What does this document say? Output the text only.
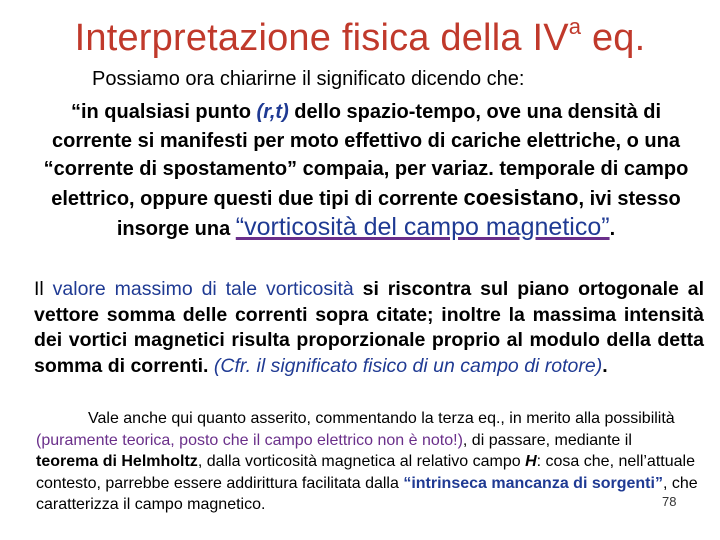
Interpretazione fisica della $IV^a$ eq.
Possiamo ora chiarirne il significato dicendo che:
“in qualsiasi punto (r,t) dello spazio-tempo, ove una densità di corrente si manifesti per moto effettivo di cariche elettriche, o una “corrente di spostamento” compaia, per variaz. temporale di campo elettrico, oppure questi due tipi di corrente coesistano, ivi stesso insorge una “vorticosità del campo magnetico”.
Il valore massimo di tale vorticosità si riscontra sul piano ortogonale al vettore somma delle correnti sopra citate; inoltre la massima intensità dei vortici magnetici risulta proporzionale proprio al modulo della detta somma di correnti. (Cfr. il significato fisico di un campo di rotore).
Vale anche qui quanto asserito, commentando la terza eq., in merito alla possibilità (puramente teorica, posto che il campo elettrico non è noto!), di passare, mediante il teorema di Helmholtz, dalla vorticosità magnetica al relativo campo H: cosa che, nell’attuale contesto, parrebbe essere addirittura facilitata dalla “intrinseca mancanza di sorgenti”, che caratterizza il campo magnetico.	78
